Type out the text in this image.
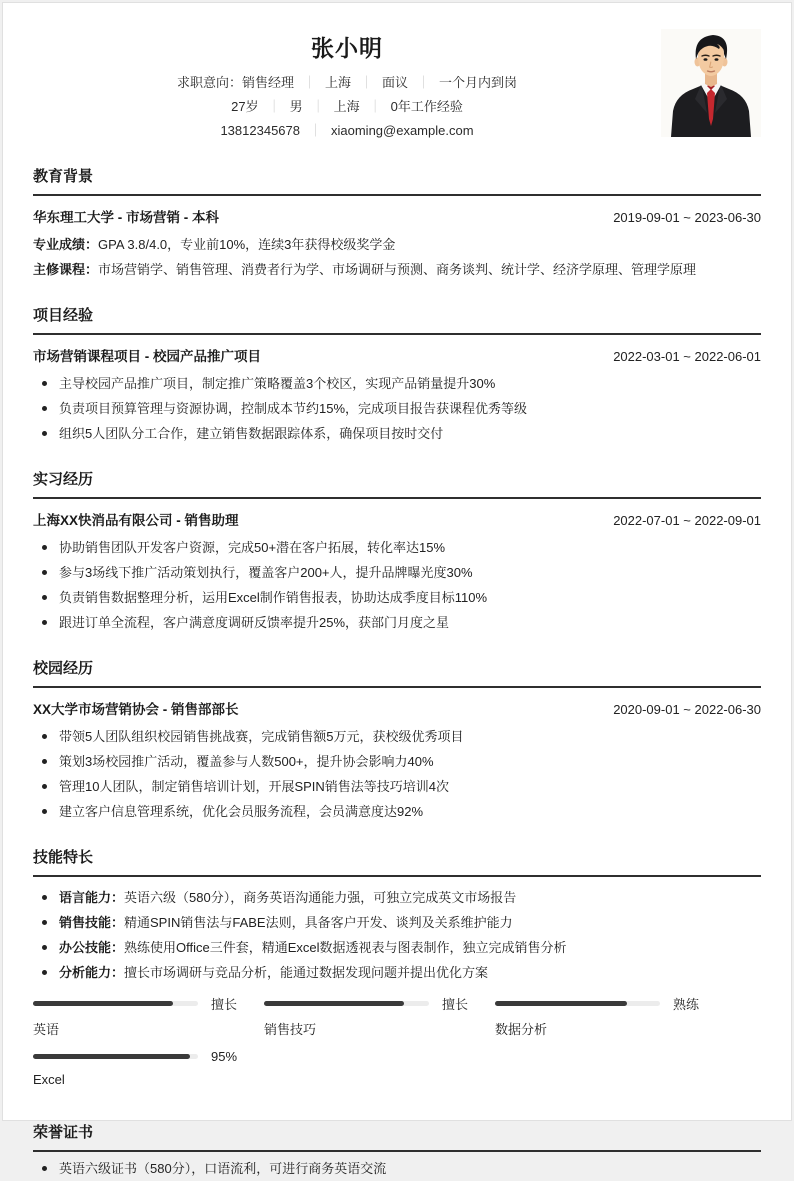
张小明
求职意向：销售经理 ｜ 上海 ｜ 面议 ｜ 一个月内到岗
27岁 ｜ 男 ｜ 上海 ｜ 0年工作经验
13812345678 ｜ xiaoming@example.com
教育背景
华东理工大学 - 市场营销 - 本科	2019-09-01 ~ 2023-06-30
专业成绩：GPA 3.8/4.0，专业前10%，连续3年获得校级奖学金
主修课程：市场营销学、销售管理、消费者行为学、市场调研与预测、商务谈判、统计学、经济学原理、管理学原理
项目经验
市场营销课程项目 - 校园产品推广项目	2022-03-01 ~ 2022-06-01
主导校园产品推广项目，制定推广策略覆盖3个校区，实现产品销量提升30%
负责项目预算管理与资源协调，控制成本节约15%，完成项目报告获课程优秀等级
组织5人团队分工合作，建立销售数据跟踪体系，确保项目按时交付
实习经历
上海XX快消品有限公司 - 销售助理	2022-07-01 ~ 2022-09-01
协助销售团队开发客户资源，完成50+潜在客户拓展，转化率达15%
参与3场线下推广活动策划执行，覆盖客户200+人，提升品牌曝光度30%
负责销售数据整理分析，运用Excel制作销售报表，协助达成季度目标110%
跟进订单全流程，客户满意度调研反馈率提升25%，获部门月度之星
校园经历
XX大学市场营销协会 - 销售部部长	2020-09-01 ~ 2022-06-30
带领5人团队组织校园销售挑战赛，完成销售额5万元，获校级优秀项目
策划3场校园推广活动，覆盖参与人数500+，提升协会影响力40%
管理10人团队，制定销售培训计划，开展SPIN销售法等技巧培训4次
建立客户信息管理系统，优化会员服务流程，会员满意度达92%
技能特长
语言能力：英语六级（580分），商务英语沟通能力强，可独立完成英文市场报告
销售技能：精通SPIN销售法与FABE法则，具备客户开发、谈判及关系维护能力
办公技能：熟练使用Office三件套，精通Excel数据透视表与图表制作，独立完成销售分析
分析能力：擅长市场调研与竞品分析，能通过数据发现问题并提出优化方案
擅长
英语
擅长
销售技巧
熟练
数据分析
95%
Excel
荣誉证书
英语六级证书（580分），口语流利，可进行商务英语交流
